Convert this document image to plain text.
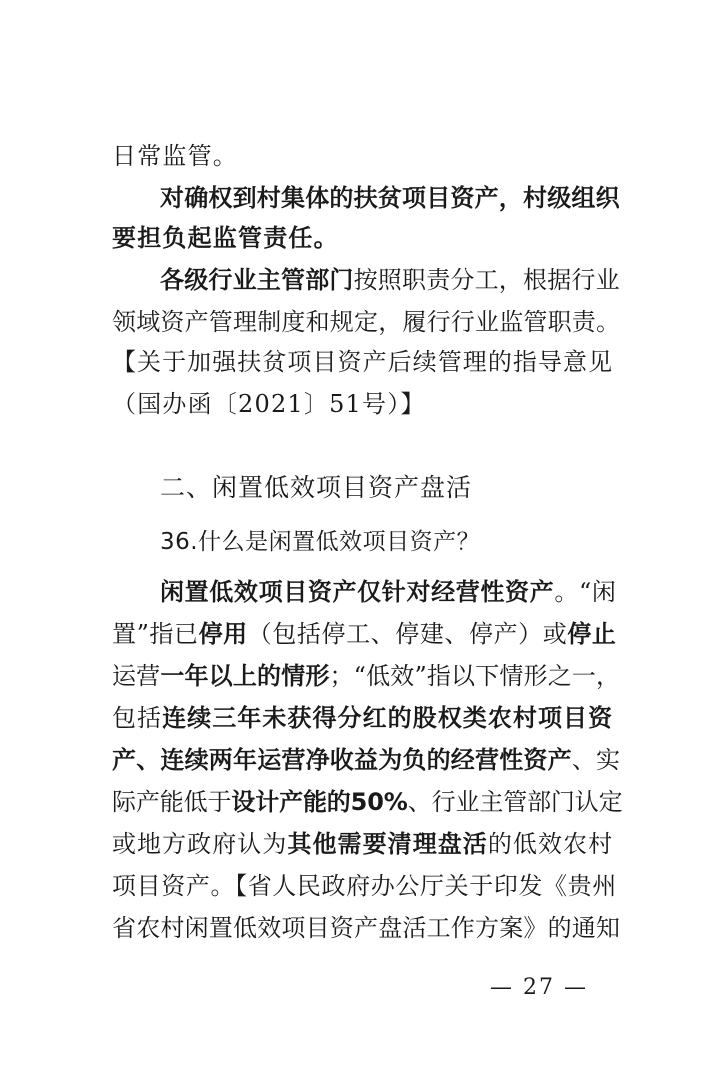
日常监管。
对确权到村集体的扶贫项目资产，村级组织
要担负起监管责任。
各级行业主管部门按照职责分工，根据行业
领域资产管理制度和规定，履行行业监管职责。
【关于加强扶贫项目资产后续管理的指导意见
（国办函〔2021〕51号）】
二、闲置低效项目资产盘活
36.什么是闲置低效项目资产？
闲置低效项目资产仅针对经营性资产。“闲
置”指已停用（包括停工、停建、停产）或停止
运营一年以上的情形；“低效”指以下情形之一，
包括连续三年未获得分红的股权类农村项目资
产、连续两年运营净收益为负的经营性资产、实
际产能低于设计产能的50%、行业主管部门认定
或地方政府认为其他需要清理盘活的低效农村
项目资产。【省人民政府办公厅关于印发《贵州
省农村闲置低效项目资产盘活工作方案》的通知
— 27 —
